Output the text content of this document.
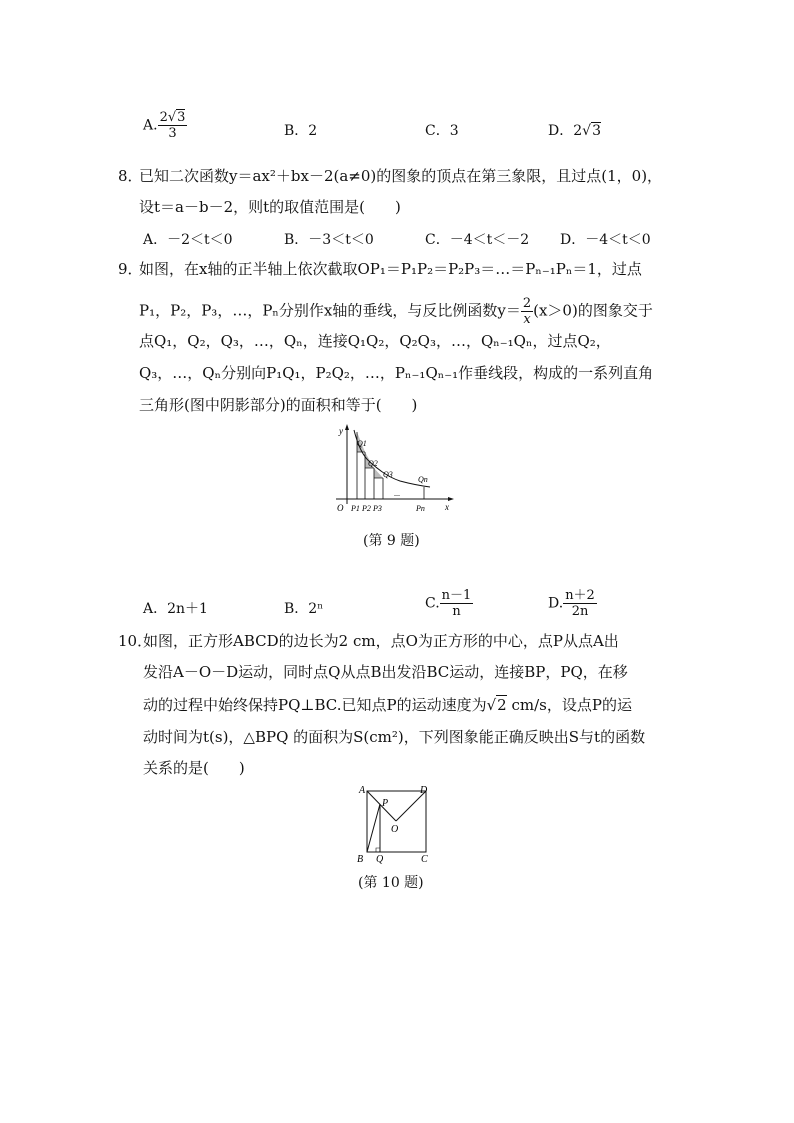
A. $\frac{2√3}{3}$	B．2	C．3	D．2√3
8．
已知二次函数y＝ax²＋bx－2(a≠0)的图象的顶点在第三象限，且过点(1，0)，
设t＝a－b－2，则t的取值范围是(　　)
A．－2＜t＜0	B．－3＜t＜0	C．－4＜t＜－2 D．－4＜t＜0
9．
如图，在x轴的正半轴上依次截取OP₁＝P₁P₂＝P₂P₃＝…＝Pₙ₋₁Pₙ＝1，过点
P₁，P₂，P₃，…，Pₙ分别作x轴的垂线，与反比例函数$y= \frac{2}{x} (x>0)$的图象交于
点Q₁，Q₂，Q₃，…，Qₙ，连接Q₁Q₂，Q₂Q₃，…，Qₙ₋₁Qₙ，过点Q₂，
Q₃，…，Qₙ分别向P₁Q₁，P₂Q₂，…，Pₙ₋₁Qₙ₋₁作垂线段，构成的一系列直角
三角形(图中阴影部分)的面积和等于(　　)
y
Q1
Q2
Q3
Qn
...
O P1 P2 P3	Pn x
(第 9 题)
A．2n＋1	B．2ⁿ	C. $\frac{n-1}{n}$	D. $\frac{n+2}{2n}$
10．
如图，正方形ABCD的边长为2 cm，点O为正方形的中心，点P从点A出
发沿A－O－D运动，同时点Q从点B出发沿BC运动，连接BP，PQ，在移
动的过程中始终保持PQ⊥BC.已知点P的运动速度为√2 cm/s，设点P的运
动时间为t(s)，△BPQ 的面积为S(cm²)，下列图象能正确反映出S与t的函数
关系的是(　　)
A	D
P
O
B Q	C
(第 10 题)
